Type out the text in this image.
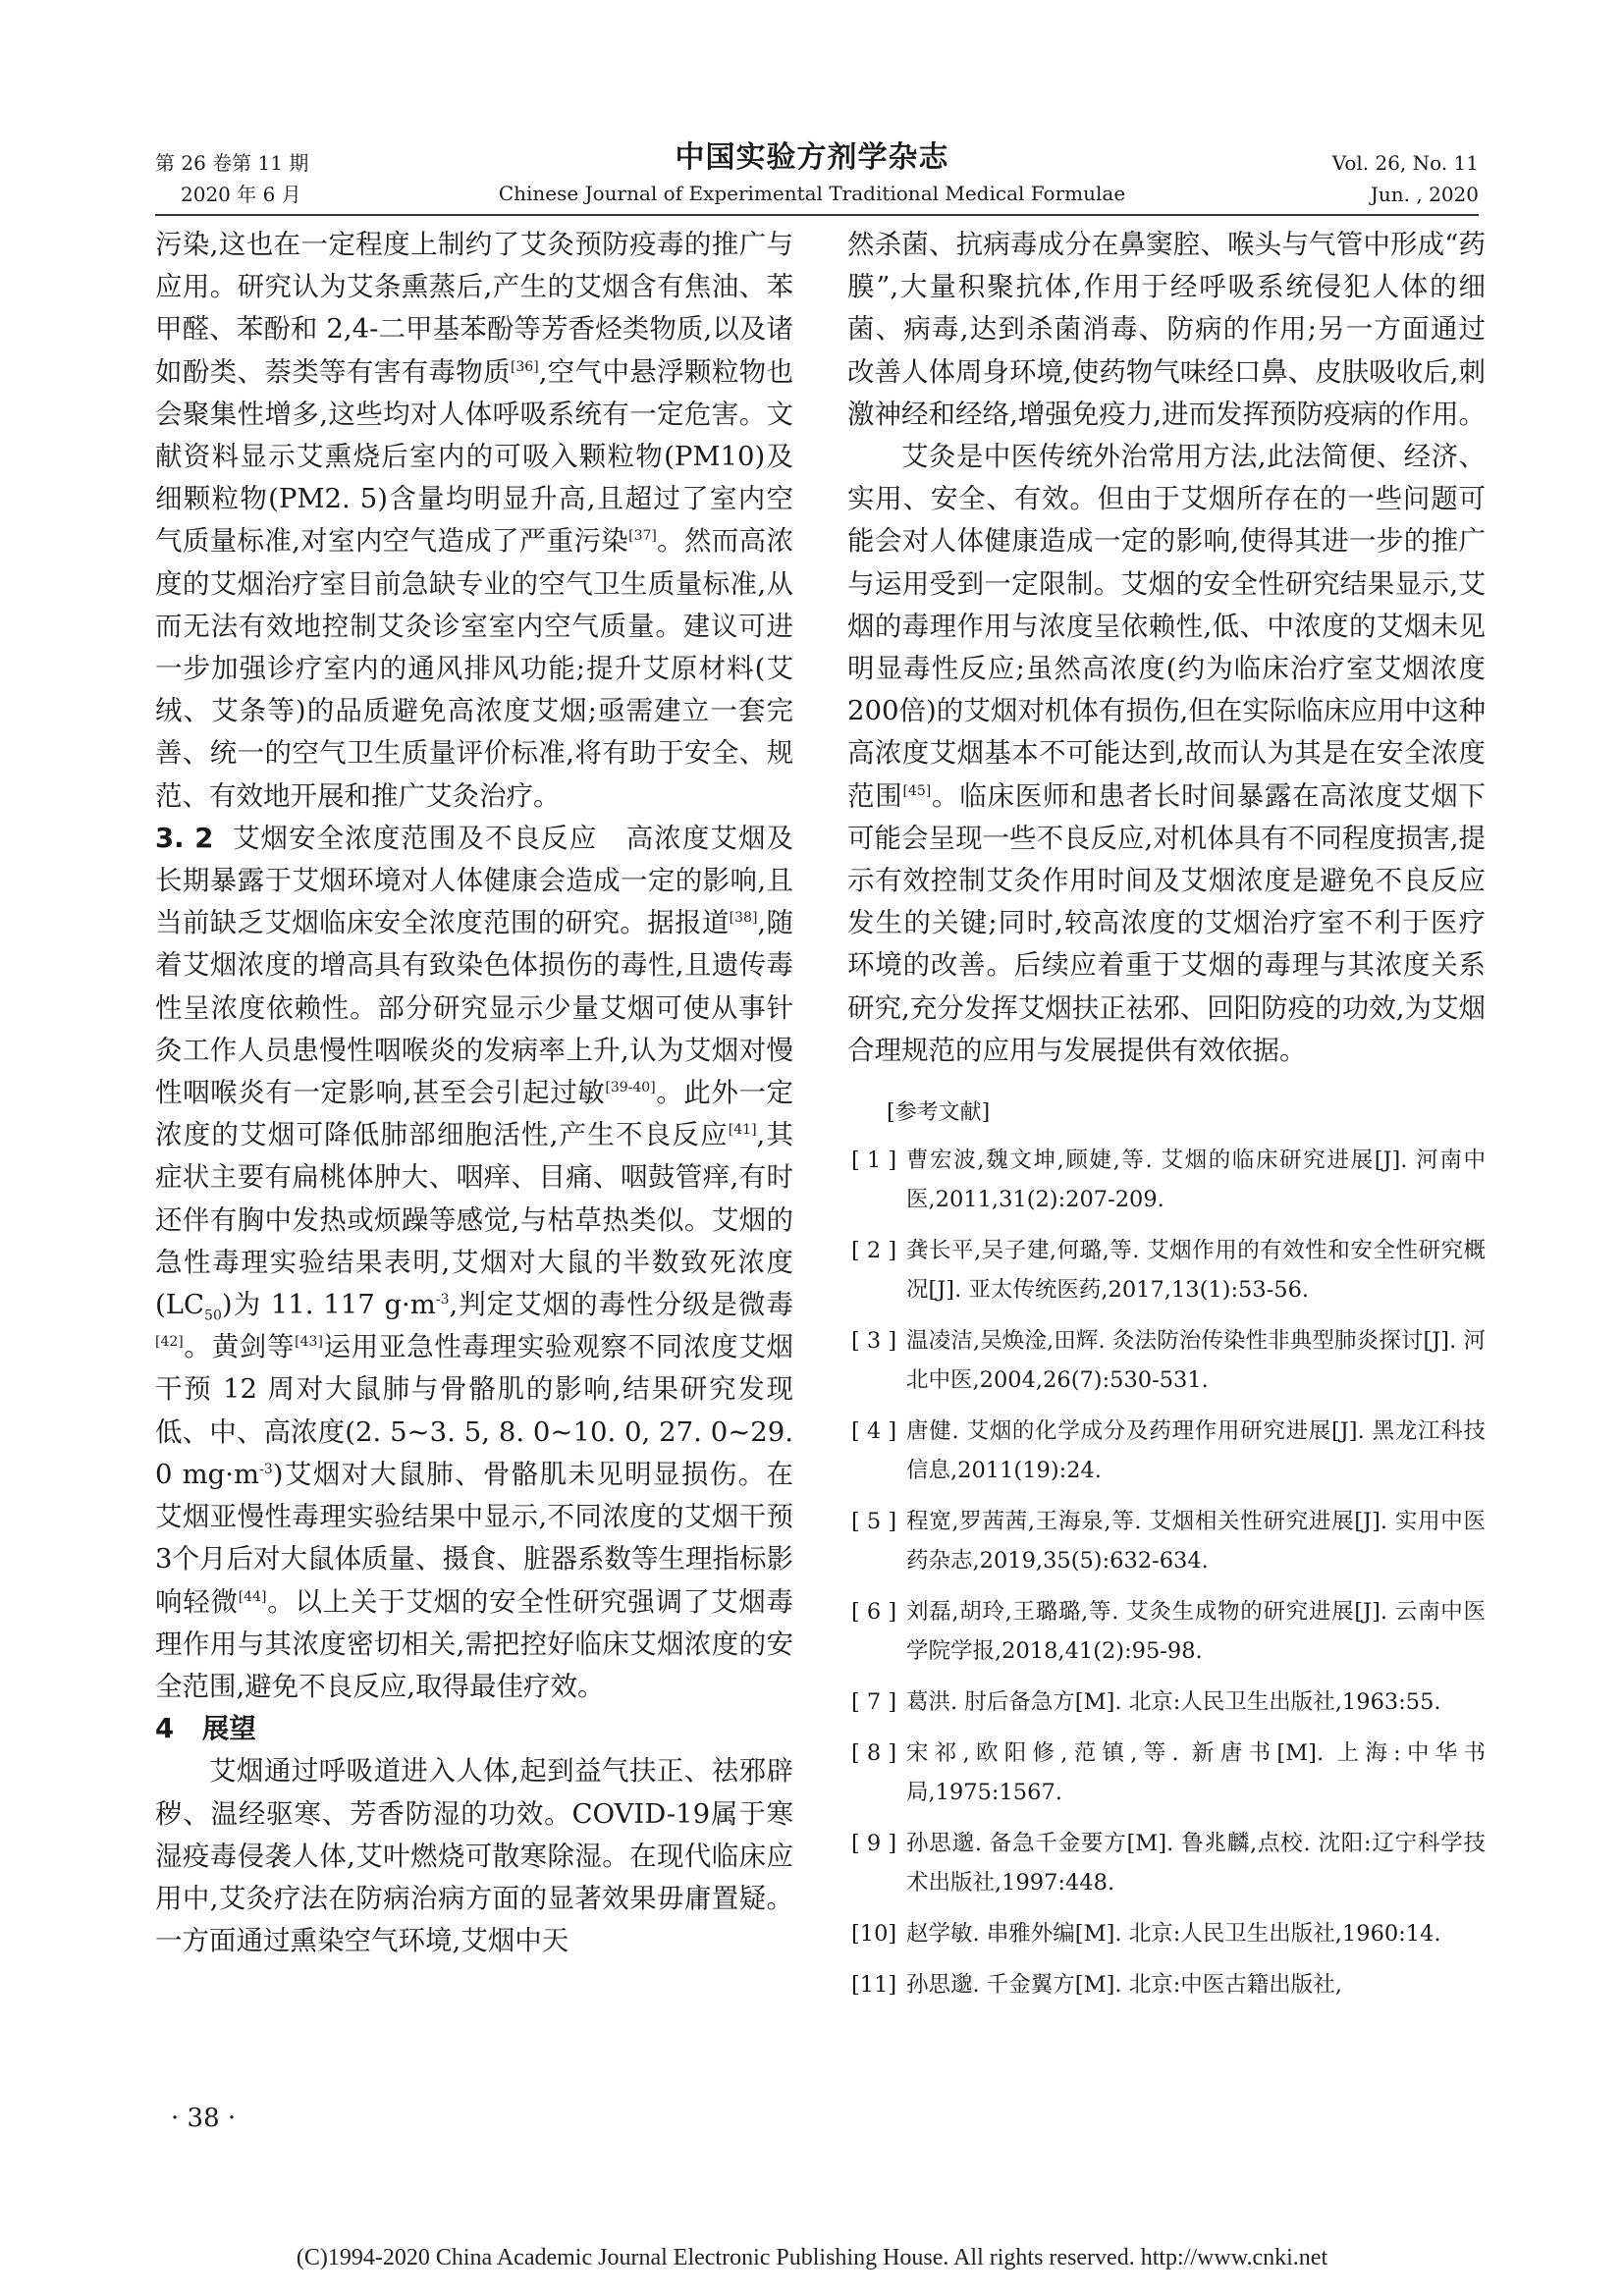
第 26 卷第 11 期
2020 年 6 月
中国实验方剂学杂志
Chinese Journal of Experimental Traditional Medical Formulae
Vol. 26, No. 11
Jun. , 2020

污染,这也在一定程度上制约了艾灸预防疫毒的推广与应用。研究认为艾条熏蒸后,产生的艾烟含有焦油、苯甲醛、苯酚和 2,4-二甲基苯酚等芳香烃类物质,以及诸如酚类、萘类等有害有毒物质[36],空气中悬浮颗粒物也会聚集性增多,这些均对人体呼吸系统有一定危害。文献资料显示艾熏烧后室内的可吸入颗粒物(PM10)及细颗粒物(PM2. 5)含量均明显升高,且超过了室内空气质量标准,对室内空气造成了严重污染[37]。然而高浓度的艾烟治疗室目前急缺专业的空气卫生质量标准,从而无法有效地控制艾灸诊室室内空气质量。建议可进一步加强诊疗室内的通风排风功能;提升艾原材料(艾绒、艾条等)的品质避免高浓度艾烟;亟需建立一套完善、统一的空气卫生质量评价标准,将有助于安全、规范、有效地开展和推广艾灸治疗。

3. 2 艾烟安全浓度范围及不良反应 高浓度艾烟及长期暴露于艾烟环境对人体健康会造成一定的影响,且当前缺乏艾烟临床安全浓度范围的研究。据报道[38],随着艾烟浓度的增高具有致染色体损伤的毒性,且遗传毒性呈浓度依赖性。部分研究显示少量艾烟可使从事针灸工作人员患慢性咽喉炎的发病率上升,认为艾烟对慢性咽喉炎有一定影响,甚至会引起过敏[39-40]。此外一定浓度的艾烟可降低肺部细胞活性,产生不良反应[41],其症状主要有扁桃体肿大、咽痒、目痛、咽鼓管痒,有时还伴有胸中发热或烦躁等感觉,与枯草热类似。艾烟的急性毒理实验结果表明,艾烟对大鼠的半数致死浓度$(LC_{50})$为 11. 117 $g\cdot m^{-3}$,判定艾烟的毒性分级是微毒[42]。黄剑等[43]运用亚急性毒理实验观察不同浓度艾烟干预 12 周对大鼠肺与骨骼肌的影响,结果研究发现低、中、高浓度(2. 5~3. 5, 8. 0~10. 0, 27. 0~29. 0 $mg\cdot m^{-3}$)艾烟对大鼠肺、骨骼肌未见明显损伤。在艾烟亚慢性毒理实验结果中显示,不同浓度的艾烟干预3个月后对大鼠体质量、摄食、脏器系数等生理指标影响轻微[44]。以上关于艾烟的安全性研究强调了艾烟毒理作用与其浓度密切相关,需把控好临床艾烟浓度的安全范围,避免不良反应,取得最佳疗效。

4 展望

艾烟通过呼吸道进入人体,起到益气扶正、祛邪辟秽、温经驱寒、芳香防湿的功效。COVID-19属于寒湿疫毒侵袭人体,艾叶燃烧可散寒除湿。在现代临床应用中,艾灸疗法在防病治病方面的显著效果毋庸置疑。一方面通过熏染空气环境,艾烟中天

然杀菌、抗病毒成分在鼻窦腔、喉头与气管中形成“药膜”,大量积聚抗体,作用于经呼吸系统侵犯人体的细菌、病毒,达到杀菌消毒、防病的作用;另一方面通过改善人体周身环境,使药物气味经口鼻、皮肤吸收后,刺激神经和经络,增强免疫力,进而发挥预防疫病的作用。

艾灸是中医传统外治常用方法,此法简便、经济、实用、安全、有效。但由于艾烟所存在的一些问题可能会对人体健康造成一定的影响,使得其进一步的推广与运用受到一定限制。艾烟的安全性研究结果显示,艾烟的毒理作用与浓度呈依赖性,低、中浓度的艾烟未见明显毒性反应;虽然高浓度(约为临床治疗室艾烟浓度200倍)的艾烟对机体有损伤,但在实际临床应用中这种高浓度艾烟基本不可能达到,故而认为其是在安全浓度范围[45]。临床医师和患者长时间暴露在高浓度艾烟下可能会呈现一些不良反应,对机体具有不同程度损害,提示有效控制艾灸作用时间及艾烟浓度是避免不良反应发生的关键;同时,较高浓度的艾烟治疗室不利于医疗环境的改善。后续应着重于艾烟的毒理与其浓度关系研究,充分发挥艾烟扶正祛邪、回阳防疫的功效,为艾烟合理规范的应用与发展提供有效依据。

[参考文献]
[ 1 ] 曹宏波,魏文坤,顾婕,等. 艾烟的临床研究进展[J]. 河南中医,2011,31(2):207-209.
[ 2 ] 龚长平,吴子建,何璐,等. 艾烟作用的有效性和安全性研究概况[J]. 亚太传统医药,2017,13(1):53-56.
[ 3 ] 温凌洁,吴焕淦,田辉. 灸法防治传染性非典型肺炎探讨[J]. 河北中医,2004,26(7):530-531.
[ 4 ] 唐健. 艾烟的化学成分及药理作用研究进展[J]. 黑龙江科技信息,2011(19):24.
[ 5 ] 程宽,罗茜茜,王海泉,等. 艾烟相关性研究进展[J]. 实用中医药杂志,2019,35(5):632-634.
[ 6 ] 刘磊,胡玲,王璐璐,等. 艾灸生成物的研究进展[J]. 云南中医学院学报,2018,41(2):95-98.
[ 7 ] 葛洪. 肘后备急方[M]. 北京:人民卫生出版社,1963:55.
[ 8 ] 宋祁,欧阳修,范镇,等. 新唐书[M]. 上海:中华书局,1975:1567.
[ 9 ] 孙思邈. 备急千金要方[M]. 鲁兆麟,点校. 沈阳:辽宁科学技术出版社,1997:448.
[10] 赵学敏. 串雅外编[M]. 北京:人民卫生出版社,1960:14.
[11] 孙思邈. 千金翼方[M]. 北京:中医古籍出版社,
· 38 ·
(C)1994-2020 China Academic Journal Electronic Publishing House. All rights reserved. http://www.cnki.net
